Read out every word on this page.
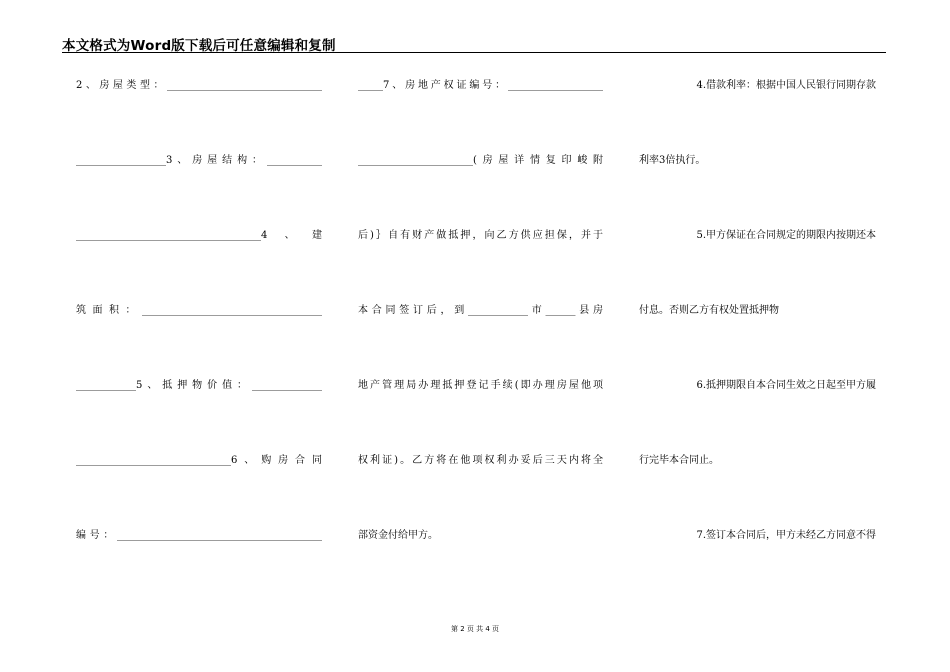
本文格式为Word版下载后可任意编辑和复制
2、房屋类型：_______________________________
__________________3、房屋结构：___________
_____________________________________4、建
筑面积：____________________________________
____________5、抵押物价值：______________
_______________________________6、购房合同
编号：_________________________________________
_____7、房地产权证编号：___________________
_______________________(房屋详情复印峻附
后)｝自有财产做抵押，向乙方供应担保，并于
本合同签订后，到____________市______县房
地产管理局办理抵押登记手续(即办理房屋他项
权利证)。乙方将在他项权利办妥后三天内将全
部资金付给甲方。
4.借款利率：根据中国人民银行同期存款
利率3倍执行。
5.甲方保证在合同规定的期限内按期还本
付息。否则乙方有权处置抵押物
6.抵押期限自本合同生效之日起至甲方履
行完毕本合同止。
7.签订本合同后，甲方未经乙方同意不得
第 2 页 共 4 页
